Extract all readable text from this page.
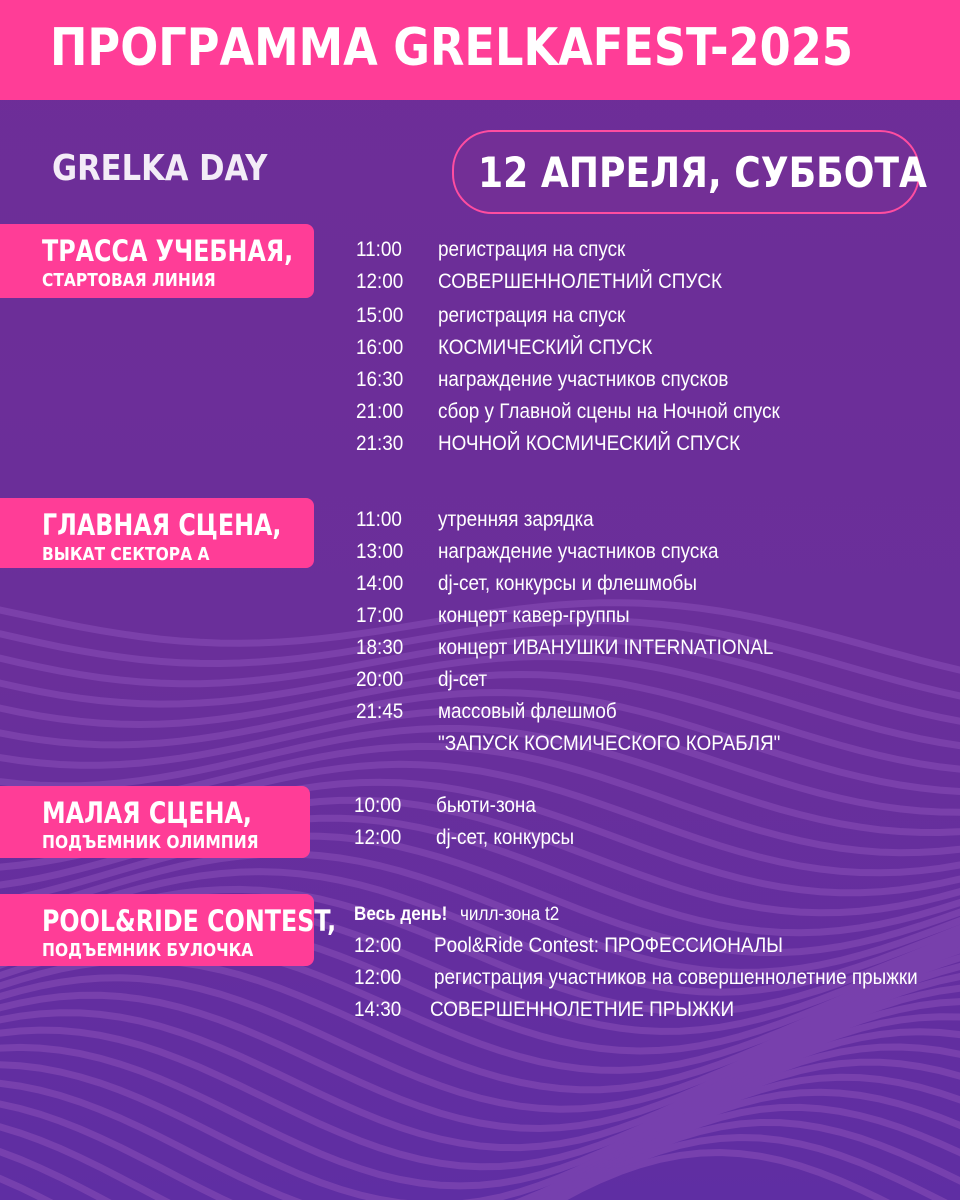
ПРОГРАММА GRELKAFEST-2025
GRELKA DAY	12 АПРЕЛЯ, СУББОТА
ТРАССА УЧЕБНАЯ,
СТАРТОВАЯ ЛИНИЯ
11:00 регистрация на спуск
12:00 СОВЕРШЕННОЛЕТНИЙ СПУСК
15:00 регистрация на спуск
16:00 КОСМИЧЕСКИЙ СПУСК
16:30 награждение участников спусков
21:00 сбор у Главной сцены на Ночной спуск
21:30 НОЧНОЙ КОСМИЧЕСКИЙ СПУСК
ГЛАВНАЯ СЦЕНА,
ВЫКАТ СЕКТОРА А
11:00 утренняя зарядка
13:00 награждение участников спуска
14:00 dj-сет, конкурсы и флешмобы
17:00 концерт кавер-группы
18:30 концерт ИВАНУШКИ INTERNATIONAL
20:00 dj-сет
21:45 массовый флешмоб
"ЗАПУСК КОСМИЧЕСКОГО КОРАБЛЯ"
МАЛАЯ СЦЕНА,
ПОДЪЕМНИК ОЛИМПИЯ
10:00 бьюти-зона
12:00 dj-сет, конкурсы
POOL&RIDE CONTEST,
ПОДЪЕМНИК БУЛОЧКА
Весь день! чилл-зона t2
12:00 Pool&Ride Contest: ПРОФЕССИОНАЛЫ
12:00 регистрация участников на совершеннолетние прыжки
14:30 СОВЕРШЕННОЛЕТНИЕ ПРЫЖКИ
